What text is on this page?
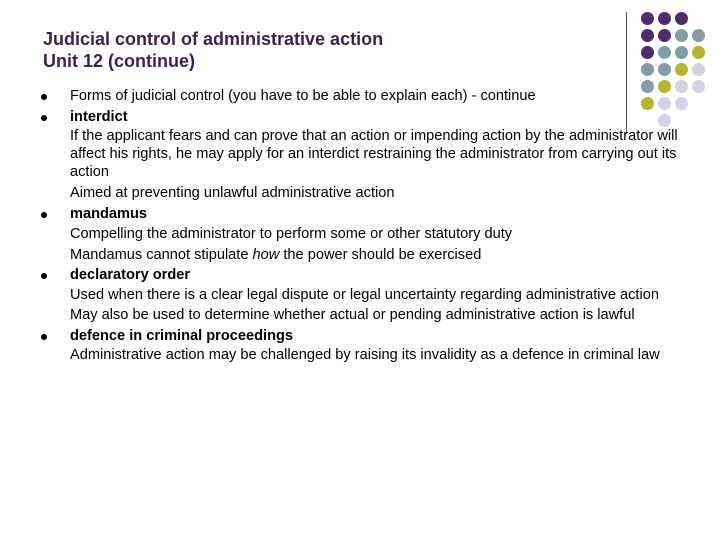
Judicial control of administrative action
Unit 12 (continue)

Forms of judicial control (you have to be able to explain each) - continue

interdict

If the applicant fears and can prove that an action or impending action by the administrator will affect his rights, he may apply for an interdict restraining the administrator from carrying out its action

Aimed at preventing unlawful administrative action

mandamus

Compelling the administrator to perform some or other statutory duty

Mandamus cannot stipulate how the power should be exercised

declaratory order

Used when there is a clear legal dispute or legal uncertainty regarding administrative action

May also be used to determine whether actual or pending administrative action is lawful

defence in criminal proceedings

Administrative action may be challenged by raising its invalidity as a defence in criminal law
